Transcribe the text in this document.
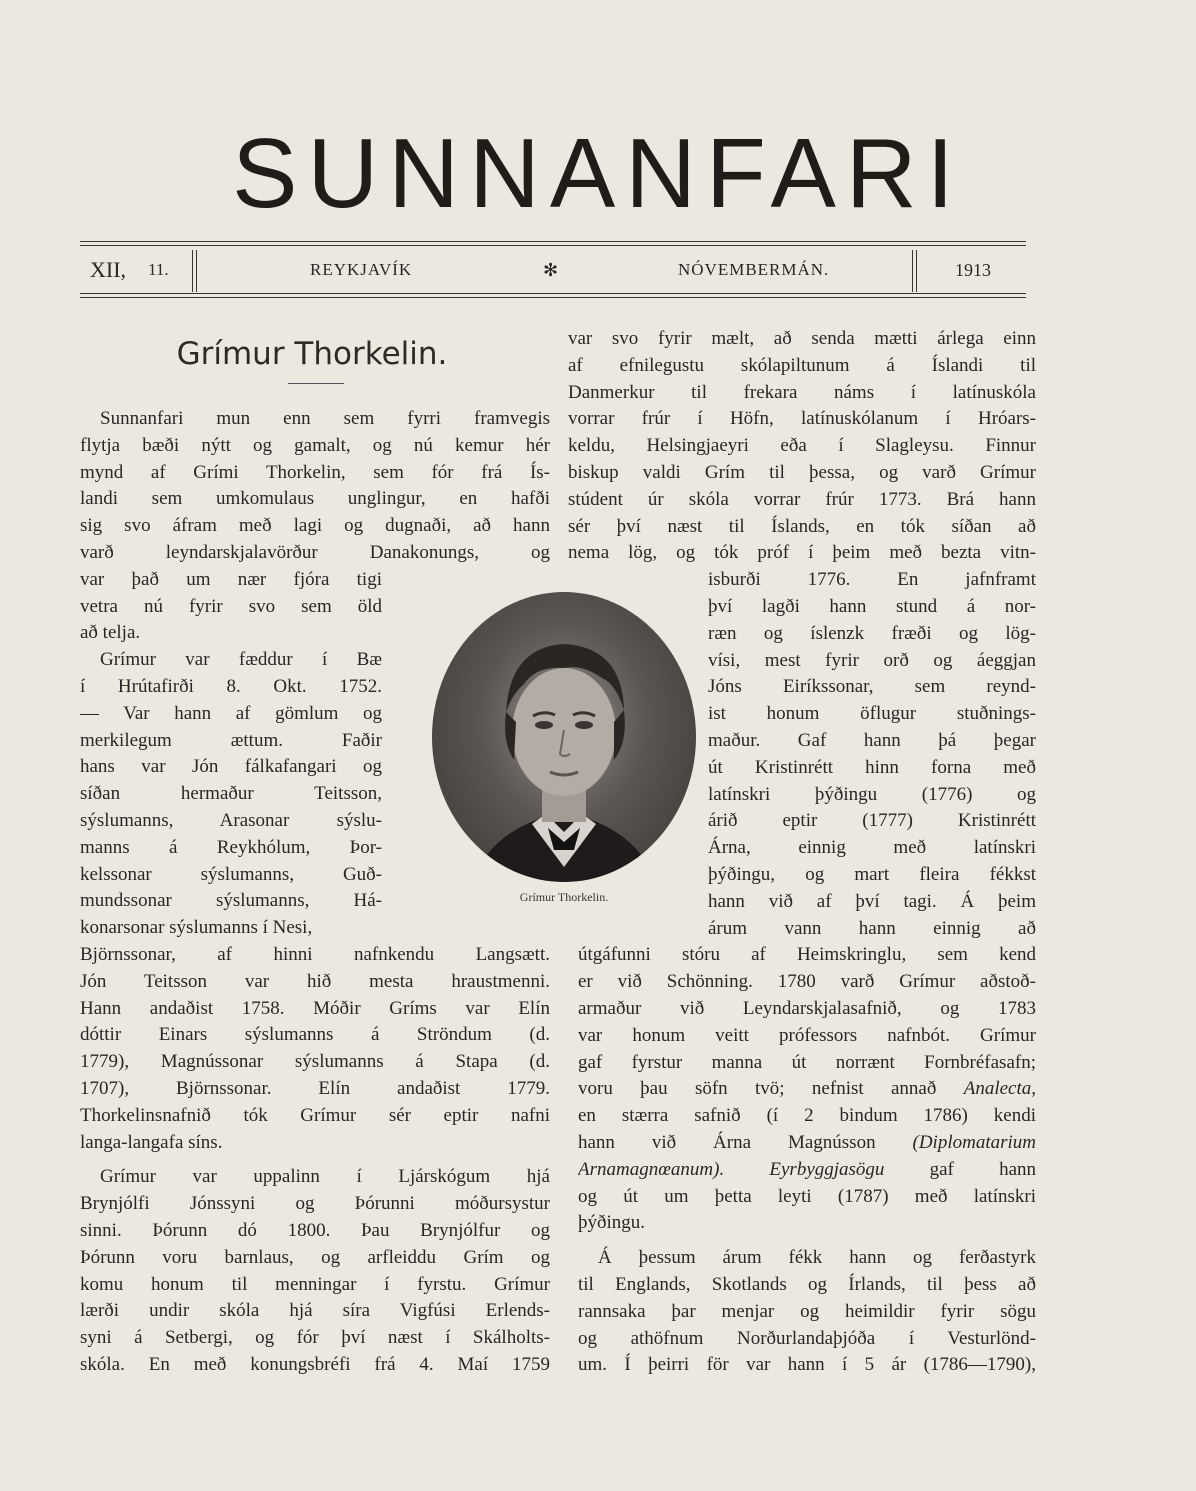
SUNNANFARI
XII, 11.	REYKJAVÍK	✻	NÓVEMBERMÁN.	1913
Grímur Thorkelin.
Sunnanfari mun enn sem fyrri framvegis
flytja bæði nýtt og gamalt, og nú kemur hér
mynd af Grími Thorkelin, sem fór frá Ís-
landi sem umkomulaus unglingur, en hafði
sig svo áfram með lagi og dugnaði, að hann
varð leyndarskjalavörður Danakonungs, og
var það um nær fjóra tigi
vetra nú fyrir svo sem öld
að telja.
Grímur var fæddur í Bæ
í Hrútafirði 8. Okt. 1752.
— Var hann af gömlum og
merkilegum ættum. Faðir
hans var Jón fálkafangari og
síðan hermaður Teitsson,
sýslumanns, Arasonar sýslu-
manns á Reykhólum, Þor-
kelssonar sýslumanns, Guð-
mundssonar sýslumanns, Há-
konarsonar sýslumanns í Nesi,
Björnssonar, af hinni nafnkendu Langsætt.
Jón Teitsson var hið mesta hraustmenni.
Hann andaðist 1758. Móðir Gríms var Elín
dóttir Einars sýslumanns á Ströndum (d.
1779), Magnússonar sýslumanns á Stapa (d.
1707), Björnssonar. Elín andaðist 1779.
Thorkelinsnafnið tók Grímur sér eptir nafni
langa-langafa síns.
Grímur var uppalinn í Ljárskógum hjá
Brynjólfi Jónssyni og Þórunni móðursystur
sinni. Þórunn dó 1800. Þau Brynjólfur og
Þórunn voru barnlaus, og arfleiddu Grím og
komu honum til menningar í fyrstu. Grímur
lærði undir skóla hjá síra Vigfúsi Erlends-
syni á Setbergi, og fór því næst í Skálholts-
skóla. En með konungsbréfi frá 4. Maí 1759
var svo fyrir mælt, að senda mætti árlega einn
af efnilegustu skólapiltunum á Íslandi til
Danmerkur til frekara náms í latínuskóla
vorrar frúr í Höfn, latínuskólanum í Hróars-
keldu, Helsingjaeyri eða í Slagleysu. Finnur
biskup valdi Grím til þessa, og varð Grímur
stúdent úr skóla vorrar frúr 1773. Brá hann
sér því næst til Íslands, en tók síðan að
nema lög, og tók próf í þeim með bezta vitn-
isburði 1776. En jafnframt
því lagði hann stund á nor-
ræn og íslenzk fræði og lög-
vísi, mest fyrir orð og áeggjan
Jóns Eiríkssonar, sem reynd-
ist honum öflugur stuðnings-
maður. Gaf hann þá þegar
út Kristinrétt hinn forna með
latínskri þýðingu (1776) og
árið eptir (1777) Kristinrétt
Árna, einnig með latínskri
þýðingu, og mart fleira fékkst
hann við af því tagi. Á þeim
árum vann hann einnig að
útgáfunni stóru af Heimskringlu, sem kend
er við Schönning. 1780 varð Grímur aðstoð-
armaður við Leyndarskjalasafnið, og 1783
var honum veitt prófessors nafnbót. Grímur
gaf fyrstur manna út norrænt Fornbréfasafn;
voru þau söfn tvö; nefnist annað Analecta,
en stærra safnið (í 2 bindum 1786) kendi
hann við Árna Magnússon (Diplomatarium
Arnamagnœanum). Eyrbyggjasögu gaf hann
og út um þetta leyti (1787) með latínskri
þýðingu.
Á þessum árum fékk hann og ferðastyrk
til Englands, Skotlands og Írlands, til þess að
rannsaka þar menjar og heimildir fyrir sögu
og athöfnum Norðurlandaþjóða í Vesturlönd-
um. Í þeirri för var hann í 5 ár (1786—1790),
Grímur Thorkelin.
